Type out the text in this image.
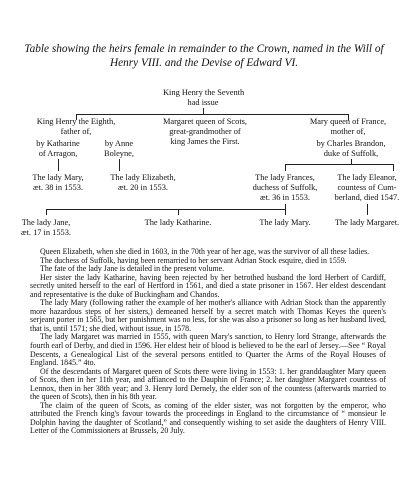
Table showing the heirs female in remainder to the Crown, named in the Will of Henry VIII. and the Devise of Edward VI.
King Henry the Seventh
had issue
King Henry the Eighth,
father of,
Margaret queen of Scots,
great-grandmother of
king James the First.
Mary queen of France,
mother of,
by Katharine
of Arragon,
by Anne
Boleyne,
by Charles Brandon,
duke of Suffolk,
The lady Mary,
æt. 38 in 1553.
The lady Elizabeth,
æt. 20 in 1553.
The lady Frances,
duchess of Suffolk,
æt. 36 in 1553.
The lady Eleanor,
countess of Cum-
berland, died 1547.
The lady Jane,
æt. 17 in 1553.
The lady Katharine.	The lady Mary.	The lady Margaret.

Queen Elizabeth, when she died in 1603, in the 70th year of her age, was the survivor of all these ladies.

The duchess of Suffolk, having been remarried to her servant Adrian Stock esquire, died in 1559.

The fate of the lady Jane is detailed in the present volume.

Her sister the lady Katharine, having been rejected by her betrothed husband the lord Herbert of Cardiff, secretly united herself to the earl of Hertford in 1561, and died a state prisoner in 1567. Her eldest descendant and representative is the duke of Buckingham and Chandos.

The lady Mary (following rather the example of her mother's alliance with Adrian Stock than the apparently more hazardous steps of her sisters,) demeaned herself by a secret match with Thomas Keyes the queen's serjeant porter in 1565, but her punishment was no less, for she was also a prisoner so long as her husband lived, that is, until 1571; she died, without issue, in 1578.

The lady Margaret was married in 1555, with queen Mary's sanction, to Henry lord Strange, afterwards the fourth earl of Derby, and died in 1596. Her eldest heir of blood is believed to be the earl of Jersey.—See “ Royal Descents, a Genealogical List of the several persons entitled to Quarter the Arms of the Royal Houses of England. 1845.” 4to.

Of the descendants of Margaret queen of Scots there were living in 1553: 1. her granddaughter Mary queen of Scots, then in her 11th year, and affianced to the Dauphin of France; 2. her daughter Margaret countess of Lennox, then in her 38th year; and 3. Henry lord Dernely, the elder son of the countess (afterwards married to the queen of Scots), then in his 8th year.

The claim of the queen of Scots, as coming of the elder sister, was not forgotten by the emperor, who attributed the French king's favour towards the proceedings in England to the circumstance of “ monsieur le Dolphin having the daughter of Scotland,” and consequently wishing to set aside the daughters of Henry VIII. Letter of the Commissioners at Brussels, 20 July.
